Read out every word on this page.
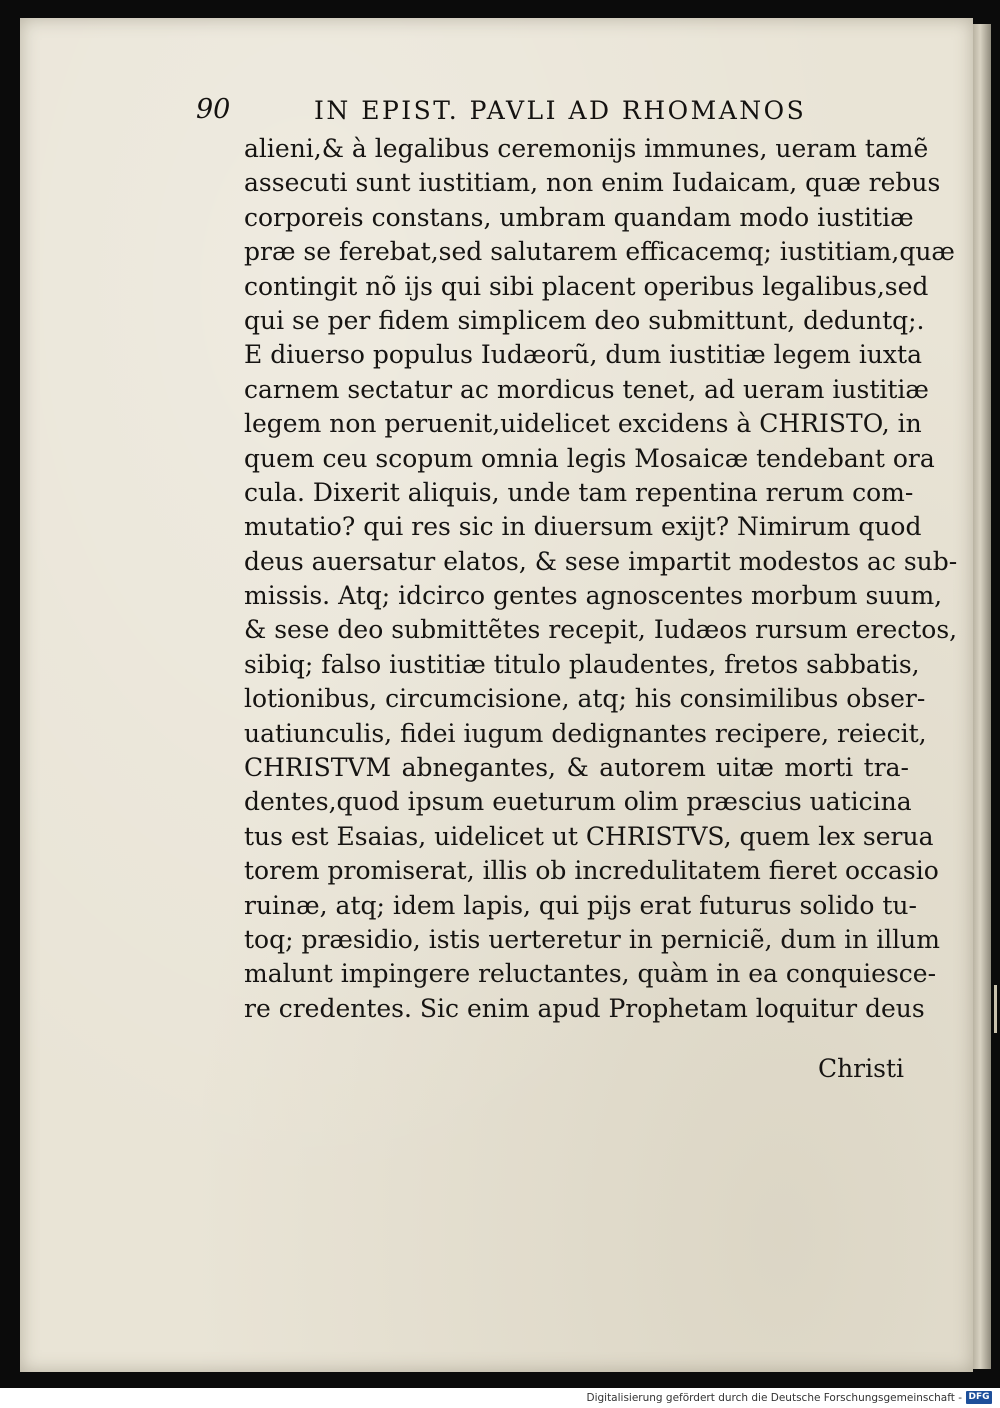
90	IN EPIST. PAVLI AD RHOMANOS
alieni,& à legalibus ceremonijs immunes, ueram tamẽ
assecuti sunt iustitiam, non enim Iudaicam, quæ rebus
corporeis constans, umbram quandam modo iustitiæ
præ se ferebat,sed salutarem efficacemq; iustitiam,quæ
contingit nõ ijs qui sibi placent operibus legalibus,sed
qui se per fidem simplicem deo submittunt, deduntq;.
E diuerso populus Iudæorũ, dum iustitiæ legem iuxta
carnem sectatur ac mordicus tenet, ad ueram iustitiæ
legem non peruenit,uidelicet excidens à CHRISTO, in
quem ceu scopum omnia legis Mosaicæ tendebant ora
cula. Dixerit aliquis, unde tam repentina rerum com-
mutatio? qui res sic in diuersum exijt? Nimirum quod
deus auersatur elatos, & sese impartit modestos ac sub-
missis. Atq; idcirco gentes agnoscentes morbum suum,
& sese deo submittẽtes recepit, Iudæos rursum erectos,
sibiq; falso iustitiæ titulo plaudentes, fretos sabbatis,
lotionibus, circumcisione, atq; his consimilibus obser-
uatiunculis, fidei iugum dedignantes recipere, reiecit,
CHRISTVM abnegantes, & autorem uitæ morti tra-
dentes,quod ipsum eueturum olim præscius uaticina
tus est Esaias, uidelicet ut CHRISTVS, quem lex serua
torem promiserat, illis ob incredulitatem fieret occasio
ruinæ, atq; idem lapis, qui pijs erat futurus solido tu-
toq; præsidio, istis uerteretur in perniciẽ, dum in illum
malunt impingere reluctantes, quàm in ea conquiesce-
re credentes. Sic enim apud Prophetam loquitur deus
Christi
Digitalisierung gefördert durch die Deutsche Forschungsgemeinschaft - DFG
